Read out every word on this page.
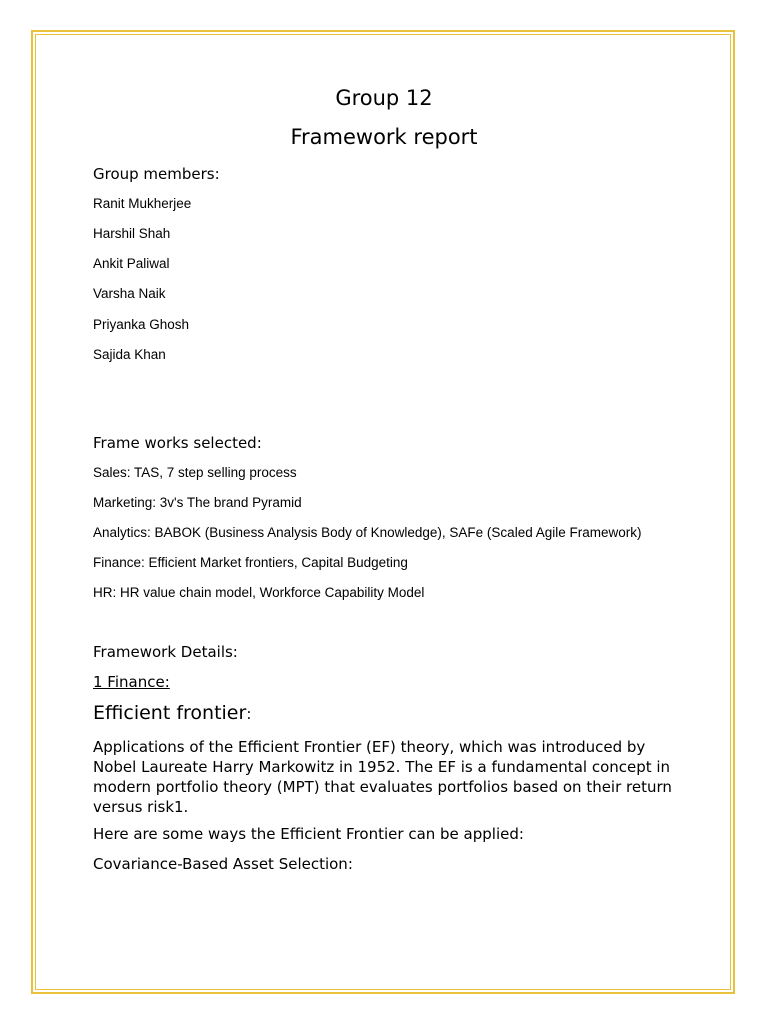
Group 12
Framework report
Group members:
Ranit Mukherjee
Harshil Shah
Ankit Paliwal
Varsha Naik
Priyanka Ghosh
Sajida Khan
Frame works selected:
Sales: TAS, 7 step selling process
Marketing: 3v's The brand Pyramid
Analytics: BABOK (Business Analysis Body of Knowledge), SAFe (Scaled Agile Framework)
Finance: Efficient Market frontiers, Capital Budgeting
HR: HR value chain model, Workforce Capability Model
Framework Details:
1 Finance:
Efficient frontier:
Applications of the Efficient Frontier (EF) theory, which was introduced by Nobel Laureate Harry Markowitz in 1952. The EF is a fundamental concept in modern portfolio theory (MPT) that evaluates portfolios based on their return versus risk1.
Here are some ways the Efficient Frontier can be applied:
Covariance-Based Asset Selection:
